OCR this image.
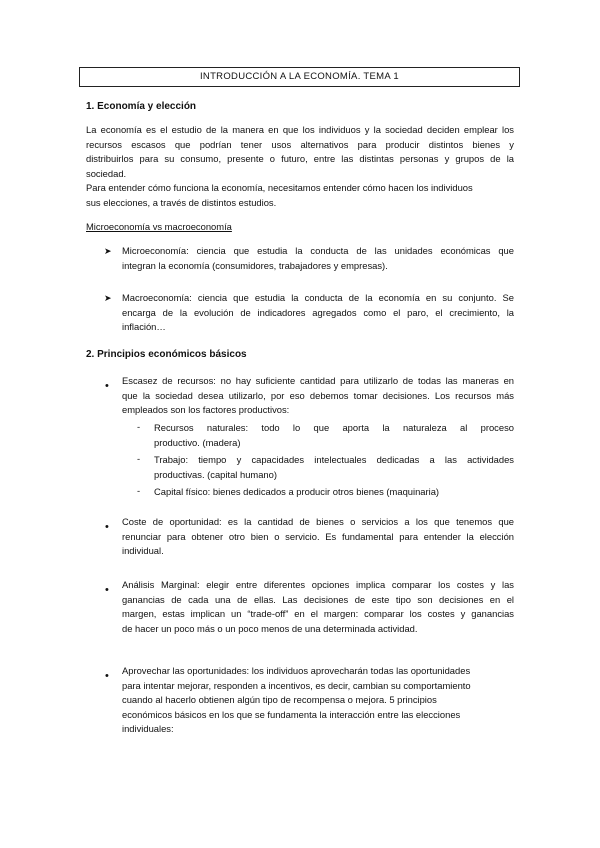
INTRODUCCIÓN A LA ECONOMÍA. TEMA 1
1. Economía y elección
La economía es el estudio de la manera en que los individuos y la sociedad deciden emplear los
recursos escasos que podrían tener usos alternativos para producir distintos bienes y
distribuirlos para su consumo, presente o futuro, entre las distintas personas y grupos de la
sociedad.
Para entender cómo funciona la economía, necesitamos entender cómo hacen los individuos
sus elecciones, a través de distintos estudios.
Microeconomía vs macroeconomía
➤ Microeconomía: ciencia que estudia la conducta de las unidades económicas que
integran la economía (consumidores, trabajadores y empresas).
➤ Macroeconomía: ciencia que estudia la conducta de la economía en su conjunto. Se
encarga de la evolución de indicadores agregados como el paro, el crecimiento, la
inflación…
2. Principios económicos básicos
• Escasez de recursos: no hay suficiente cantidad para utilizarlo de todas las maneras en
que la sociedad desea utilizarlo, por eso debemos tomar decisiones. Los recursos más
empleados son los factores productivos:
- Recursos naturales: todo lo que aporta la naturaleza al proceso
productivo. (madera)
- Trabajo: tiempo y capacidades intelectuales dedicadas a las actividades
productivas. (capital humano)
- Capital físico: bienes dedicados a producir otros bienes (maquinaria)
• Coste de oportunidad: es la cantidad de bienes o servicios a los que tenemos que
renunciar para obtener otro bien o servicio. Es fundamental para entender la elección
individual.
• Análisis Marginal: elegir entre diferentes opciones implica comparar los costes y las
ganancias de cada una de ellas. Las decisiones de este tipo son decisiones en el
margen, estas implican un “trade-off” en el margen: comparar los costes y ganancias
de hacer un poco más o un poco menos de una determinada actividad.
• Aprovechar las oportunidades: los individuos aprovecharán todas las oportunidades
para intentar mejorar, responden a incentivos, es decir, cambian su comportamiento
cuando al hacerlo obtienen algún tipo de recompensa o mejora. 5 principios
económicos básicos en los que se fundamenta la interacción entre las elecciones
individuales:
